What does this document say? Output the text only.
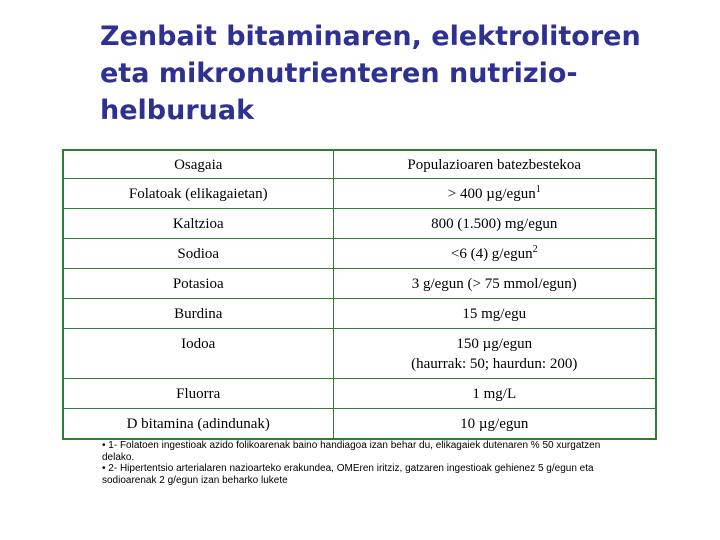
Zenbait bitaminaren, elektrolitoren
eta mikronutrienteren nutrizio-
helburuak
Osagaia	Populazioaren batezbestekoa
Folatoak (elikagaietan)	> 400 µg/egun$^1$

Kaltzioa	800 (1.500) mg/egun

Sodioa	<6 (4) g/egun$^2$

Potasioa	3 g/egun (> 75 mmol/egun)

Burdina	15 mg/egu

Iodoa	150 µg/egun
(haurrak: 50; haurdun: 200)

Fluorra	1 mg/L

D bitamina (adindunak)	10 µg/egun

• 1- Folatoen ingestioak azido folikoarenak baino handiagoa izan behar du, elikagaiek dutenaren % 50 xurgatzen delako.

• 2- Hipertentsio arterialaren nazioarteko erakundea, OMEren iritziz, gatzaren ingestioak gehienez 5 g/egun eta sodioarenak 2 g/egun izan beharko lukete
